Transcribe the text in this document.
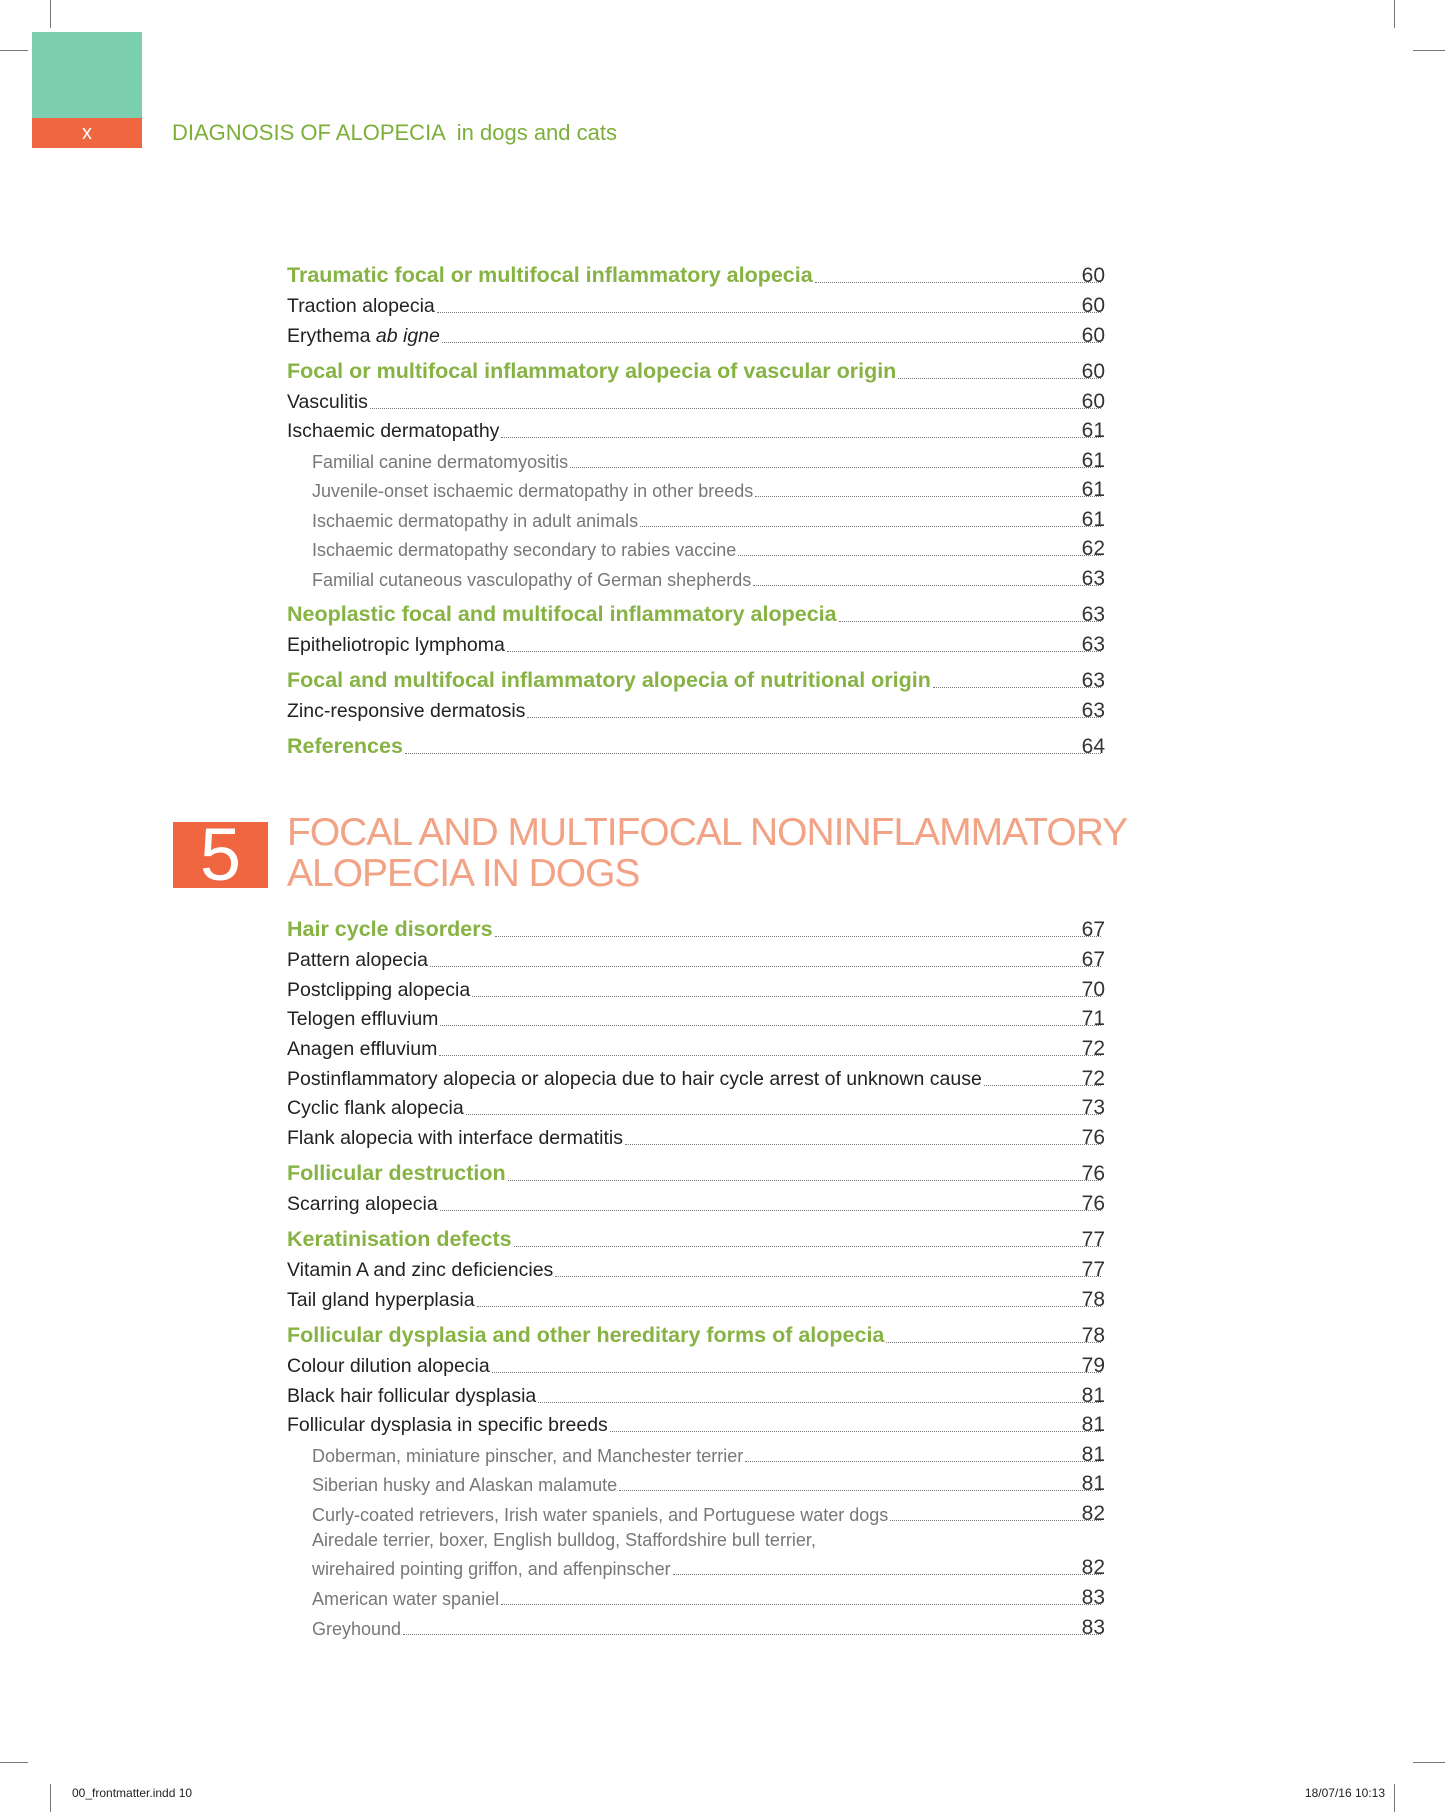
x	DIAGNOSIS OF ALOPECIA in dogs and cats
Traumatic focal or multifocal inflammatory alopecia	60
Traction alopecia	60
Erythema ab igne	60
Focal or multifocal inflammatory alopecia of vascular origin	60
Vasculitis	60
Ischaemic dermatopathy	61
Familial canine dermatomyositis	61
Juvenile-onset ischaemic dermatopathy in other breeds	61
Ischaemic dermatopathy in adult animals	61
Ischaemic dermatopathy secondary to rabies vaccine	62
Familial cutaneous vasculopathy of German shepherds	63
Neoplastic focal and multifocal inflammatory alopecia	63
Epitheliotropic lymphoma	63
Focal and multifocal inflammatory alopecia of nutritional origin	63
Zinc-responsive dermatosis	63
References	64
5	FOCAL AND MULTIFOCAL NONINFLAMMATORY
ALOPECIA IN DOGS
Hair cycle disorders	67
Pattern alopecia	67
Postclipping alopecia	70
Telogen effluvium	71
Anagen effluvium	72
Postinflammatory alopecia or alopecia due to hair cycle arrest of unknown cause	72
Cyclic flank alopecia	73
Flank alopecia with interface dermatitis	76
Follicular destruction	76
Scarring alopecia	76
Keratinisation defects	77
Vitamin A and zinc deficiencies	77
Tail gland hyperplasia	78
Follicular dysplasia and other hereditary forms of alopecia	78
Colour dilution alopecia	79
Black hair follicular dysplasia	81
Follicular dysplasia in specific breeds	81
Doberman, miniature pinscher, and Manchester terrier	81
Siberian husky and Alaskan malamute	81
Curly-coated retrievers, Irish water spaniels, and Portuguese water dogs	82
Airedale terrier, boxer, English bulldog, Staffordshire bull terrier,
wirehaired pointing griffon, and affenpinscher	82
American water spaniel	83
Greyhound	83
00_frontmatter.indd 10	18/07/16 10:13
